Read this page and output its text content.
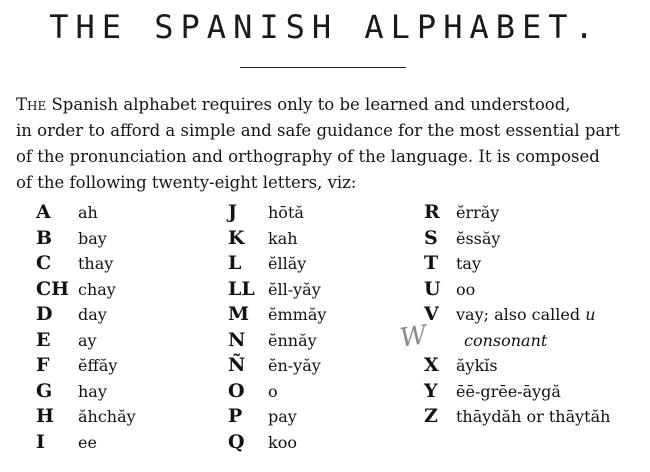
THE SPANISH ALPHABET.
The Spanish alphabet requires only to be learned and understood,
in order to afford a simple and safe guidance for the most essential part
of the pronunciation and orthography of the language. It is composed
of the following twenty-eight letters, viz:
A ah
B bay
C thay
CH chay
D day
E ay
F ĕffăy
G hay
H ăhchăy
I ee
J hōtă
K kah
L ĕllăy
LL ĕll-yăy
M ĕmmăy
N ĕnnăy
Ñ ĕn-yăy
O o
P pay
Q koo
R ĕrrăy
S ĕssăy
T tay
U oo
V vay; also called u
consonant
X ăykĭs
Y ēē-grēe-āygă
Z thāydăh or thāytăh
W
